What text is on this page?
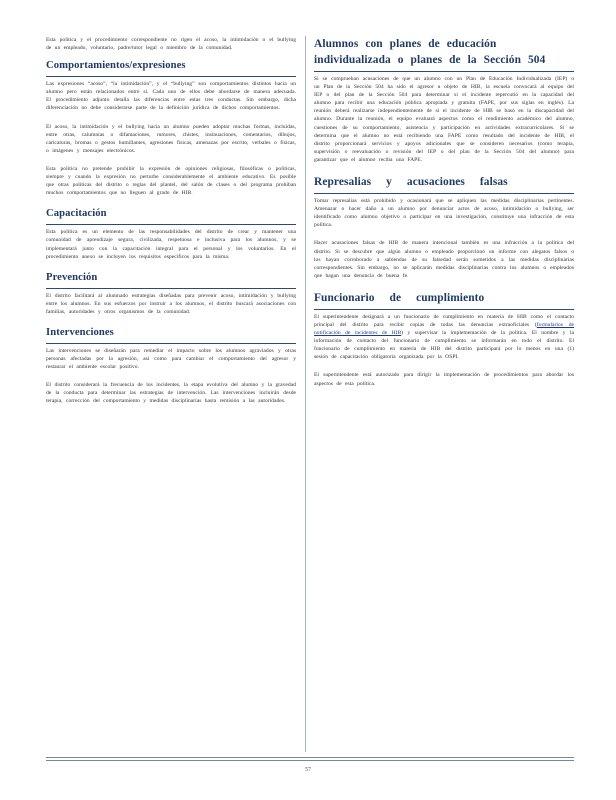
Esta política y el procedimiento correspondiente no rigen el acoso, la intimidación o el bullying de un empleado, voluntario, padre/tutor legal o miembro de la comunidad.

Comportamientos/expresiones

Las expresiones “acoso”, “la intimidación”, y el “bullying” son comportamientos distintos hacia un alumno pero están relacionados entre sí. Cada uno de ellos debe abordarse de manera adecuada. El procedimiento adjunto detalla las diferencias entre estas tres conductas. Sin embargo, dicha diferenciación no debe considerarse parte de la definición jurídica de dichos comportamientos.

El acoso, la intimidación y el bullying hacia un alumno pueden adoptar muchas formas, incluidas, entre otras, calumnias o difamaciones, rumores, chistes, insinuaciones, comentarios, dibujos, caricaturas, bromas o gestos humillantes, agresiones físicas, amenazas por escrito, verbales o físicas, o imágenes y mensajes electrónicos.

Esta política no pretende prohibir la expresión de opiniones religiosas, filosóficas o políticas, siempre y cuando la expresión no perturbe considerablemente el ambiente educativo. Es posible que otras políticas del distrito o reglas del plantel, del salón de clases o del programa prohíban muchos comportamientos que no lleguen al grado de HIB.

Capacitación

Esta política es un elemento de las responsabilidades del distrito de crear y mantener una comunidad de aprendizaje segura, civilizada, respetuosa e inclusiva para los alumnos, y se implementará junto con la capacitación integral para el personal y los voluntarios. En el procedimiento anexo se incluyen los requisitos específicos para la misma.

Prevención

El distrito facilitará al alumnado estrategias diseñadas para prevenir acoso, intimidación y bullying entre los alumnos. En sus esfuerzos por instruir a los alumnos, el distrito buscará asociaciones con familias, autoridades y otros organismos de la comunidad.

Intervenciones

Las intervenciones se diseñarán para remediar el impacto sobre los alumnos agraviados y otras personas afectadas por la agresión, así como para cambiar el comportamiento del agresor y restaurar el ambiente escolar positivo.

El distrito considerará la frecuencia de los incidentes, la etapa evolutiva del alumno y la gravedad de la conducta para determinar las estrategias de intervención. Las intervenciones incluirán desde terapia, corrección del comportamiento y medidas disciplinarias hasta remisión a las autoridades.

Alumnos con planes de educación individualizada o planes de la Sección 504

Si se comprueban acusaciones de que un alumno con un Plan de Educación Individualizada (IEP) o un Plan de la Sección 504 ha sido el agresor u objeto de HIB, la escuela convocará al equipo del IEP o del plan de la Sección 504 para determinar si el incidente repercutió en la capacidad del alumno para recibir una educación pública apropiada y gratuita (FAPE, por sus siglas en inglés). La reunión deberá realizarse independientemente de si el incidente de HIB se basó en la discapacidad del alumno. Durante la reunión, el equipo evaluará aspectos como el rendimiento académico del alumno, cuestiones de su comportamiento, asistencia y participación en actividades extracurriculares. Si se determina que el alumno no está recibiendo una FAPE como resultado del incidente de HIB, el distrito proporcionará servicios y apoyos adicionales que se consideren necesarios (como terapia, supervisión o reevaluación o revisión del IEP o del plan de la Sección 504 del alumno) para garantizar que el alumno reciba una FAPE.

Represalias y acusaciones falsas

Tomar represalias está prohibido y ocasionará que se apliquen las medidas disciplinarias pertinentes. Amenazar o hacer daño a un alumno por denunciar actos de acoso, intimidación o bullying, ser identificado como alumno objetivo o participar en una investigación, constituye una infracción de esta política.

Hacer acusaciones falsas de HIB de manera intencional también es una infracción a la política del distrito. Si se descubre que algún alumno o empleado proporcionó un informe con alegatos falsos o los hayan corroborado a sabiendas de su falsedad serán sometidos a las medidas disciplinarias correspondientes. Sin embargo, no se aplicarán medidas disciplinarias contra los alumnos o empleados que hagan una denuncia de buena fe.

Funcionario de cumplimiento

El superintendente designará a un funcionario de cumplimiento en materia de HIB como el contacto principal del distrito para recibir copias de todas las denuncias extraoficiales (formularios de notificación de incidentes de HIB) y supervisar la implementación de la política. El nombre y la información de contacto del funcionario de cumplimiento se informarán en todo el distrito. El funcionario de cumplimiento en materia de HIB del distrito participará por lo menos en una (1) sesión de capacitación obligatoria organizada por la OSPI.

El superintendente está autorizado para dirigir la implementación de procedimientos para abordar los aspectos de esta política.

57
